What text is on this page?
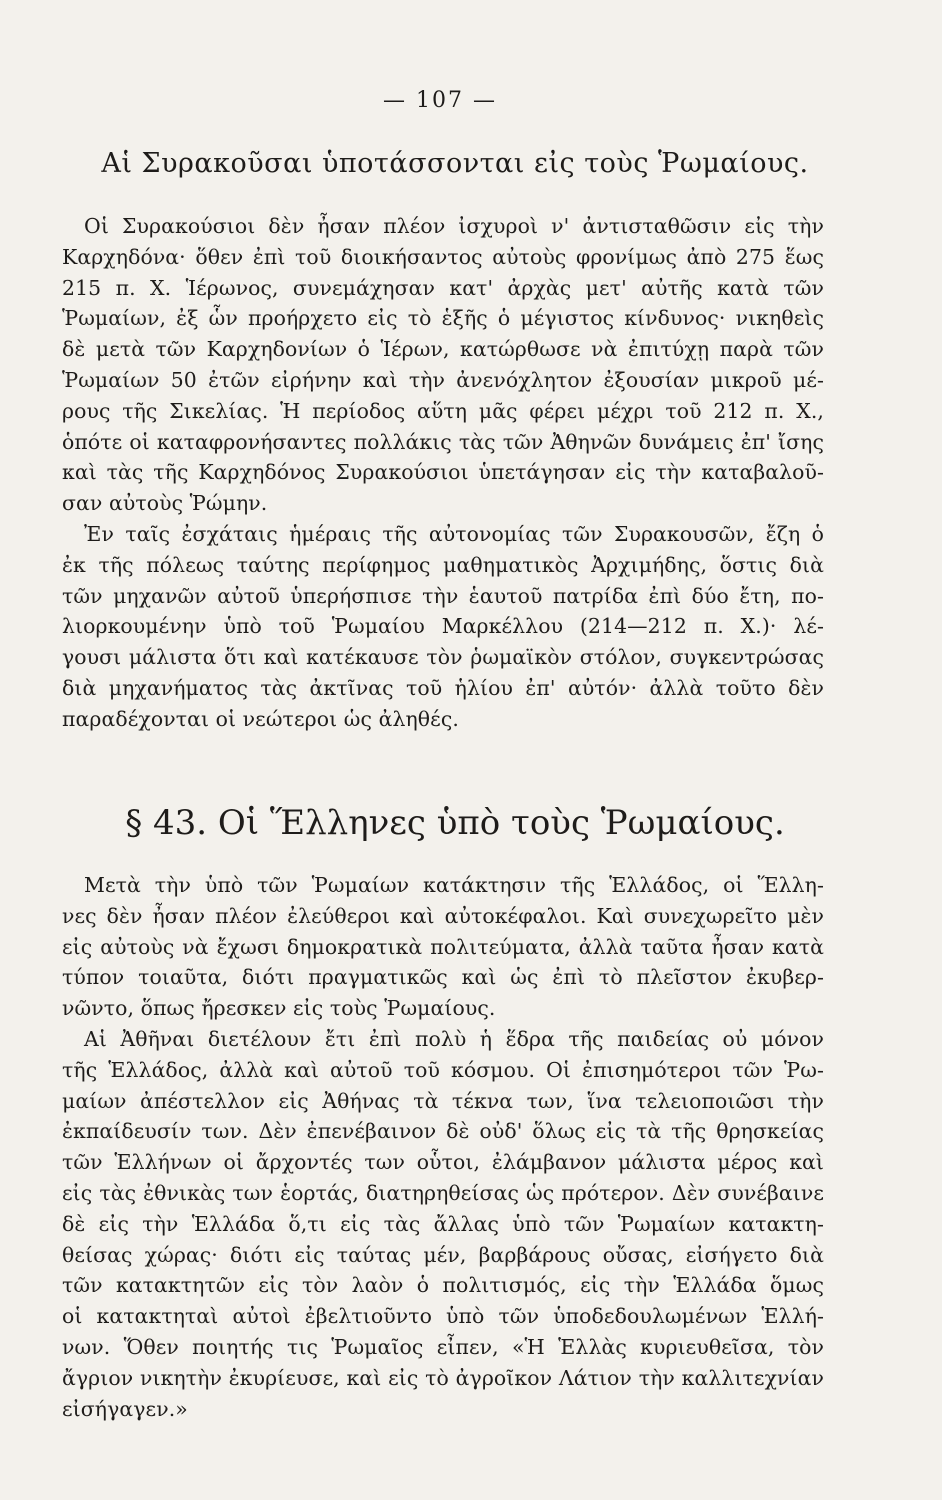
— 107 —
Αἱ Συρακοῦσαι ὑποτάσσονται εἰς τοὺς Ῥωμαίους.
Οἱ Συρακούσιοι δὲν ἦσαν πλέον ἰσχυροὶ ν' ἀντισταθῶσιν εἰς τὴν
Καρχηδόνα· ὅθεν ἐπὶ τοῦ διοικήσαντος αὐτοὺς φρονίμως ἀπὸ 275 ἕως
215 π. Χ. Ἱέρωνος, συνεμάχησαν κατ' ἀρχὰς μετ' αὐτῆς κατὰ τῶν
Ῥωμαίων, ἐξ ὧν προήρχετο εἰς τὸ ἑξῆς ὁ μέγιστος κίνδυνος· νικηθεὶς
δὲ μετὰ τῶν Καρχηδονίων ὁ Ἱέρων, κατώρθωσε νὰ ἐπιτύχῃ παρὰ τῶν
Ῥωμαίων 50 ἐτῶν εἰρήνην καὶ τὴν ἀνενόχλητον ἐξουσίαν μικροῦ μέ-
ρους τῆς Σικελίας. Ἡ περίοδος αὕτη μᾶς φέρει μέχρι τοῦ 212 π. Χ.,
ὁπότε οἱ καταφρονήσαντες πολλάκις τὰς τῶν Ἀθηνῶν δυνάμεις ἐπ' ἴσης
καὶ τὰς τῆς Καρχηδόνος Συρακούσιοι ὑπετάγησαν εἰς τὴν καταβαλοῦ-
σαν αὐτοὺς Ῥώμην.
Ἐν ταῖς ἐσχάταις ἡμέραις τῆς αὐτονομίας τῶν Συρακουσῶν, ἔζη ὁ
ἐκ τῆς πόλεως ταύτης περίφημος μαθηματικὸς Ἀρχιμήδης, ὅστις διὰ
τῶν μηχανῶν αὐτοῦ ὑπερήσπισε τὴν ἑαυτοῦ πατρίδα ἐπὶ δύο ἔτη, πο-
λιορκουμένην ὑπὸ τοῦ Ῥωμαίου Μαρκέλλου (214—212 π. Χ.)· λέ-
γουσι μάλιστα ὅτι καὶ κατέκαυσε τὸν ῥωμαϊκὸν στόλον, συγκεντρώσας
διὰ μηχανήματος τὰς ἀκτῖνας τοῦ ἡλίου ἐπ' αὐτόν· ἀλλὰ τοῦτο δὲν
παραδέχονται οἱ νεώτεροι ὡς ἀληθές.
§ 43. Οἱ Ἕλληνες ὑπὸ τοὺς Ῥωμαίους.
Μετὰ τὴν ὑπὸ τῶν Ῥωμαίων κατάκτησιν τῆς Ἑλλάδος, οἱ Ἕλλη-
νες δὲν ἦσαν πλέον ἐλεύθεροι καὶ αὐτοκέφαλοι. Καὶ συνεχωρεῖτο μὲν
εἰς αὐτοὺς νὰ ἔχωσι δημοκρατικὰ πολιτεύματα, ἀλλὰ ταῦτα ἦσαν κατὰ
τύπον τοιαῦτα, διότι πραγματικῶς καὶ ὡς ἐπὶ τὸ πλεῖστον ἐκυβερ-
νῶντο, ὅπως ἤρεσκεν εἰς τοὺς Ῥωμαίους.
Αἱ Ἀθῆναι διετέλουν ἔτι ἐπὶ πολὺ ἡ ἕδρα τῆς παιδείας οὐ μόνον
τῆς Ἑλλάδος, ἀλλὰ καὶ αὐτοῦ τοῦ κόσμου. Οἱ ἐπισημότεροι τῶν Ῥω-
μαίων ἀπέστελλον εἰς Ἀθήνας τὰ τέκνα των, ἵνα τελειοποιῶσι τὴν
ἐκπαίδευσίν των. Δὲν ἐπενέβαινον δὲ οὐδ' ὅλως εἰς τὰ τῆς θρησκείας
τῶν Ἑλλήνων οἱ ἄρχοντές των οὗτοι, ἐλάμβανον μάλιστα μέρος καὶ
εἰς τὰς ἐθνικὰς των ἑορτάς, διατηρηθείσας ὡς πρότερον. Δὲν συνέβαινε
δὲ εἰς τὴν Ἑλλάδα ὅ,τι εἰς τὰς ἄλλας ὑπὸ τῶν Ῥωμαίων κατακτη-
θείσας χώρας· διότι εἰς ταύτας μέν, βαρβάρους οὔσας, εἰσήγετο διὰ
τῶν κατακτητῶν εἰς τὸν λαὸν ὁ πολιτισμός, εἰς τὴν Ἑλλάδα ὅμως
οἱ κατακτηταὶ αὐτοὶ ἐβελτιοῦντο ὑπὸ τῶν ὑποδεδουλωμένων Ἑλλή-
νων. Ὅθεν ποιητής τις Ῥωμαῖος εἶπεν, «Ἡ Ἑλλὰς κυριευθεῖσα, τὸν
ἄγριον νικητὴν ἐκυρίευσε, καὶ εἰς τὸ ἀγροῖκον Λάτιον τὴν καλλιτεχνίαν
εἰσήγαγεν.»
